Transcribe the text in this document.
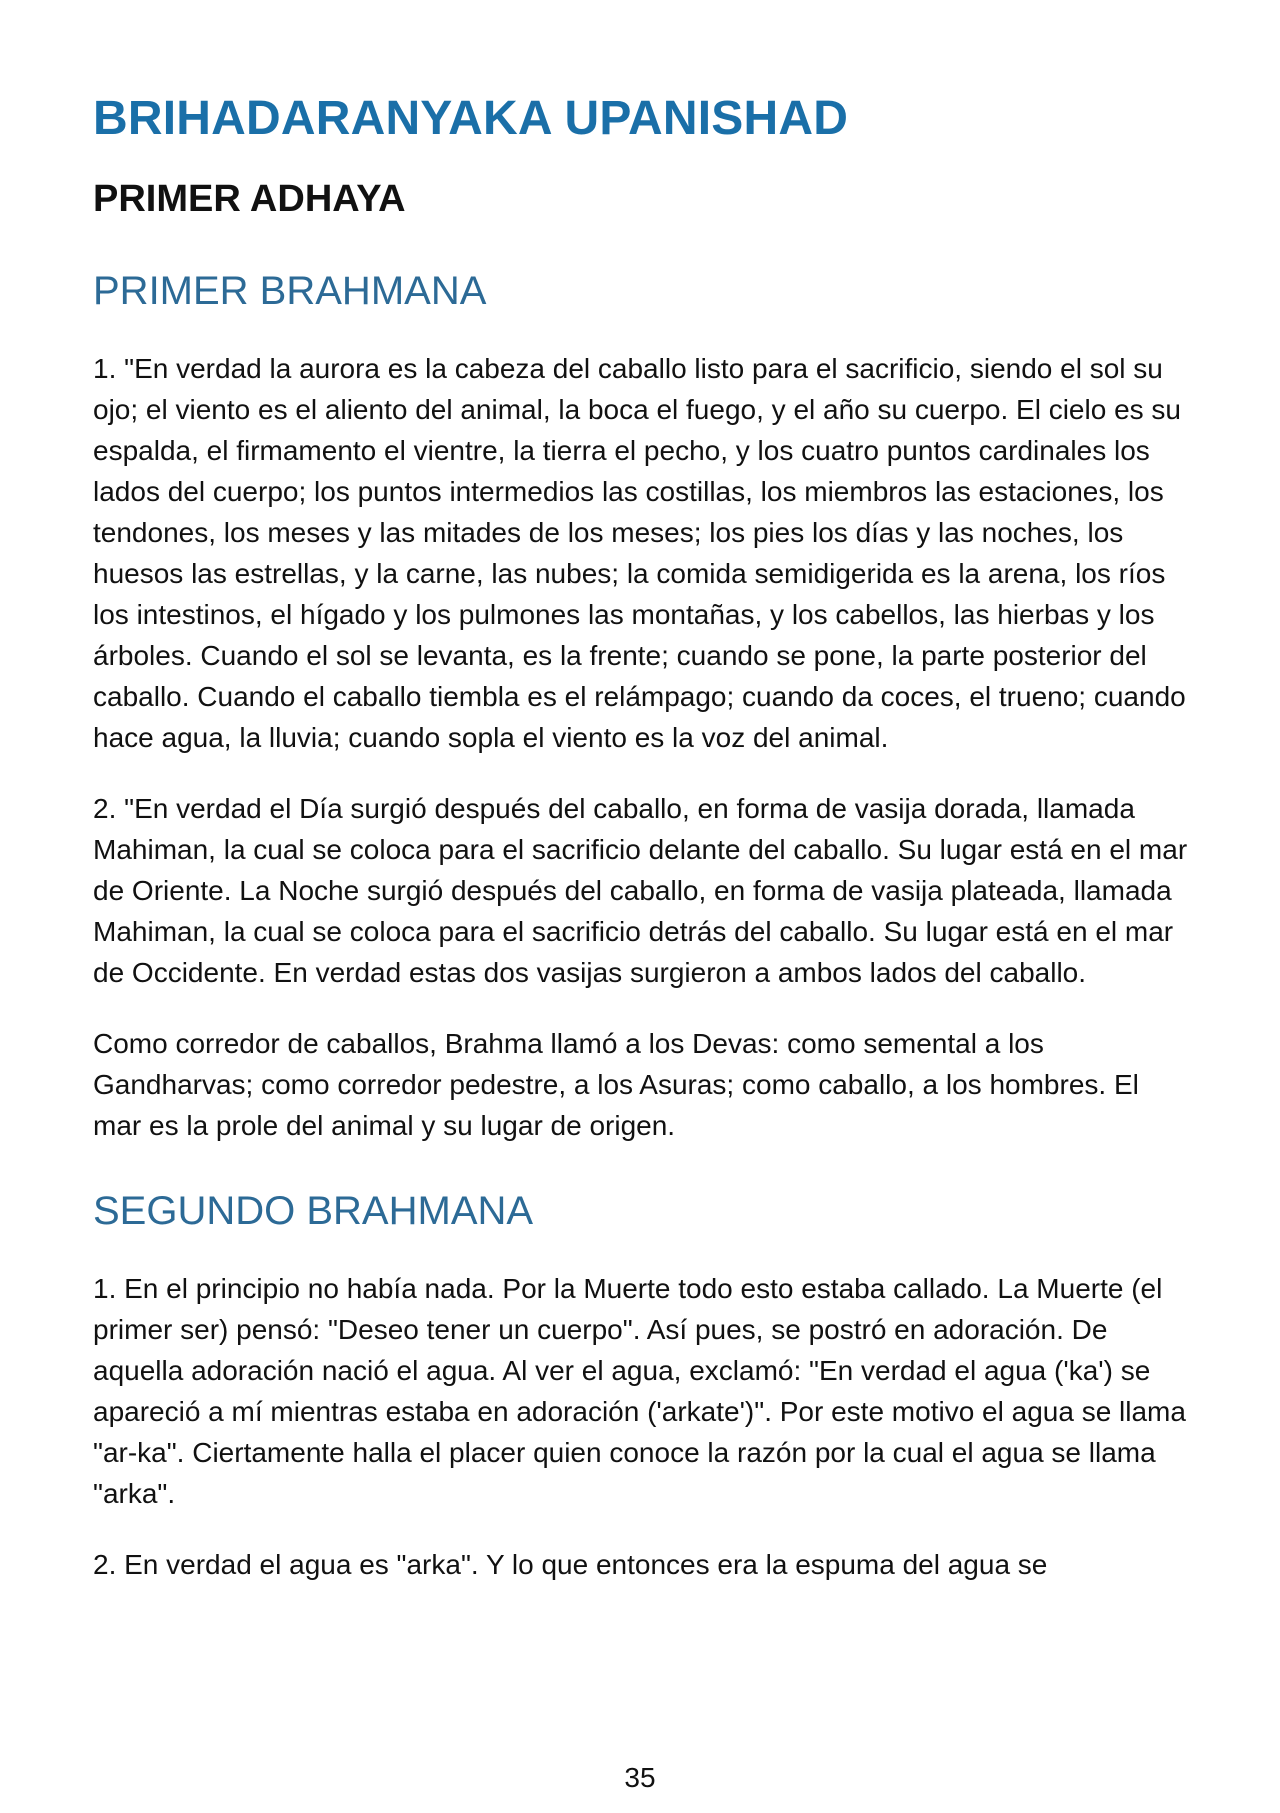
BRIHADARANYAKA UPANISHAD
PRIMER ADHAYA
PRIMER BRAHMANA

1. "En verdad la aurora es la cabeza del caballo listo para el sacrificio, siendo el sol su ojo; el viento es el aliento del animal, la boca el fuego, y el año su cuerpo. El cielo es su espalda, el firmamento el vientre, la tierra el pecho, y los cuatro puntos cardinales los lados del cuerpo; los puntos intermedios las costillas, los miembros las estaciones, los tendones, los meses y las mitades de los meses; los pies los días y las noches, los huesos las estrellas, y la carne, las nubes; la comida semidigerida es la arena, los ríos los intestinos, el hígado y los pulmones las montañas, y los cabellos, las hierbas y los árboles. Cuando el sol se levanta, es la frente; cuando se pone, la parte posterior del caballo. Cuando el caballo tiembla es el relámpago; cuando da coces, el trueno; cuando hace agua, la lluvia; cuando sopla el viento es la voz del animal.

2. "En verdad el Día surgió después del caballo, en forma de vasija dorada, llamada Mahiman, la cual se coloca para el sacrificio delante del caballo. Su lugar está en el mar de Oriente. La Noche surgió después del caballo, en forma de vasija plateada, llamada Mahiman, la cual se coloca para el sacrificio detrás del caballo. Su lugar está en el mar de Occidente. En verdad estas dos vasijas surgieron a ambos lados del caballo.

Como corredor de caballos, Brahma llamó a los Devas: como semental a los Gandharvas; como corredor pedestre, a los Asuras; como caballo, a los hombres. El mar es la prole del animal y su lugar de origen.

SEGUNDO BRAHMANA

1. En el principio no había nada. Por la Muerte todo esto estaba callado. La Muerte (el primer ser) pensó: "Deseo tener un cuerpo". Así pues, se postró en adoración. De aquella adoración nació el agua. Al ver el agua, exclamó: "En verdad el agua ('ka') se apareció a mí mientras estaba en adoración ('arkate')". Por este motivo el agua se llama "ar-ka". Ciertamente halla el placer quien conoce la razón por la cual el agua se llama "arka".

2. En verdad el agua es "arka". Y lo que entonces era la espuma del agua se

35
